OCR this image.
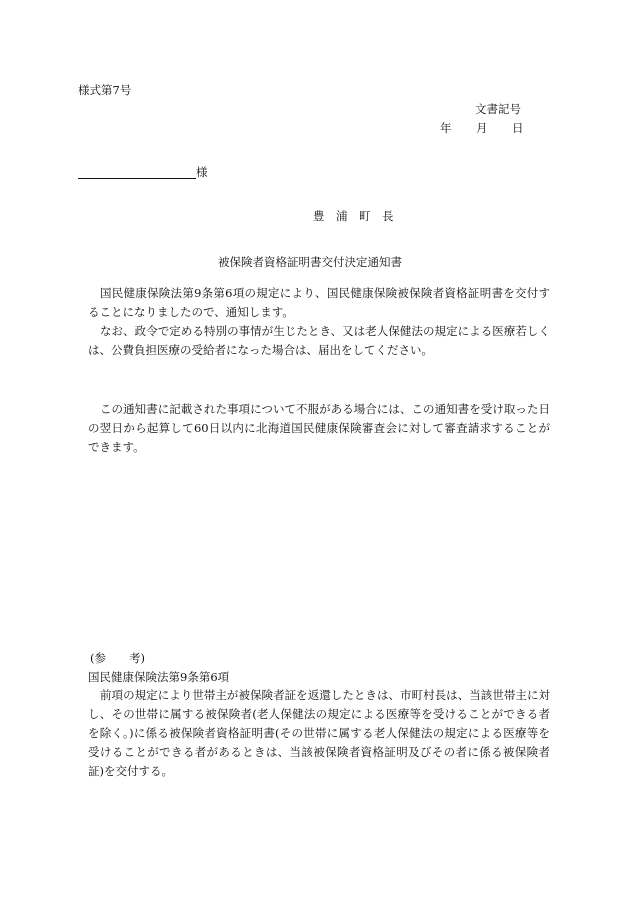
様式第7号
文書記号
年 月 日
様
豊　浦　町　長
被保険者資格証明書交付決定通知書

国民健康保険法第9条第6項の規定により、国民健康保険被保険者資格証明書を交付することになりましたので、通知します。

なお、政令で定める特別の事情が生じたとき、又は老人保健法の規定による医療若しくは、公費負担医療の受給者になった場合は、届出をしてください。

この通知書に記載された事項について不服がある場合には、この通知書を受け取った日の翌日から起算して60日以内に北海道国民健康保険審査会に対して審査請求することができます。

(参　　考)
国民健康保険法第9条第6項

前項の規定により世帯主が被保険者証を返還したときは、市町村長は、当該世帯主に対し、その世帯に属する被保険者(老人保健法の規定による医療等を受けることができる者を除く。)に係る被保険者資格証明書(その世帯に属する老人保健法の規定による医療等を受けることができる者があるときは、当該被保険者資格証明及びその者に係る被保険者証)を交付する。
